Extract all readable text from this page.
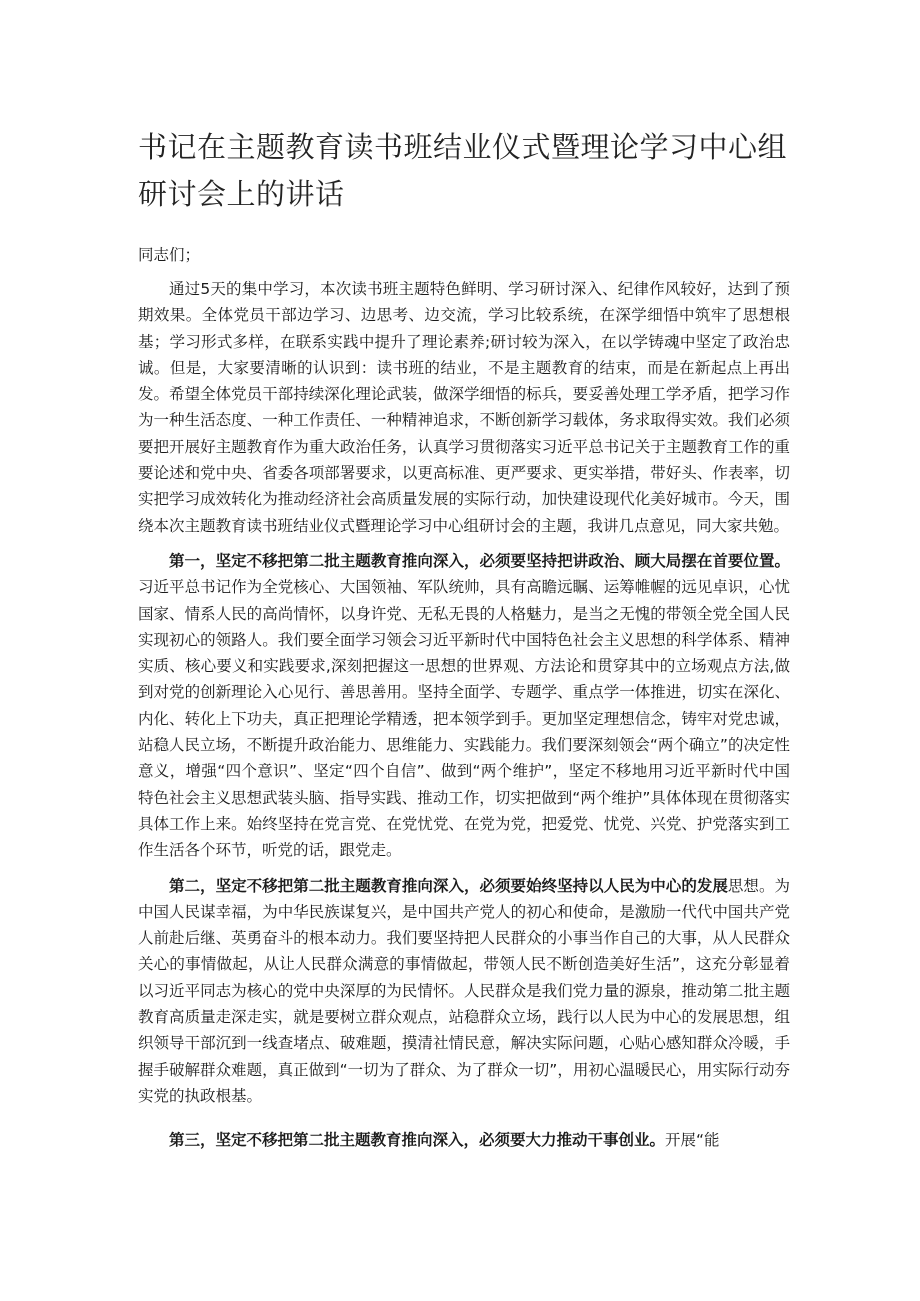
书记在主题教育读书班结业仪式暨理论学习中心组
研讨会上的讲话

同志们；

通过5天的集中学习，本次读书班主题特色鲜明、学习研讨深入、纪律作风较好，达到了预期效果。全体党员干部边学习、边思考、边交流，学习比较系统，在深学细悟中筑牢了思想根基；学习形式多样，在联系实践中提升了理论素养;研讨较为深入，在以学铸魂中坚定了政治忠诚。但是，大家要清晰的认识到：读书班的结业，不是主题教育的结束，而是在新起点上再出发。希望全体党员干部持续深化理论武装，做深学细悟的标兵，要妥善处理工学矛盾，把学习作为一种生活态度、一种工作责任、一种精神追求，不断创新学习载体，务求取得实效。我们必须要把开展好主题教育作为重大政治任务，认真学习贯彻落实习近平总书记关于主题教育工作的重要论述和党中央、省委各项部署要求，以更高标准、更严要求、更实举措，带好头、作表率，切实把学习成效转化为推动经济社会高质量发展的实际行动，加快建设现代化美好城市。今天，围绕本次主题教育读书班结业仪式暨理论学习中心组研讨会的主题，我讲几点意见，同大家共勉。

第一，坚定不移把第二批主题教育推向深入，必须要坚持把讲政治、顾大局摆在首要位置。习近平总书记作为全党核心、大国领袖、军队统帅，具有高瞻远瞩、运筹帷幄的远见卓识，心忧国家、情系人民的高尚情怀，以身许党、无私无畏的人格魅力，是当之无愧的带领全党全国人民实现初心的领路人。我们要全面学习领会习近平新时代中国特色社会主义思想的科学体系、精神实质、核心要义和实践要求,深刻把握这一思想的世界观、方法论和贯穿其中的立场观点方法,做到对党的创新理论入心见行、善思善用。坚持全面学、专题学、重点学一体推进，切实在深化、内化、转化上下功夫，真正把理论学精透，把本领学到手。更加坚定理想信念，铸牢对党忠诚，站稳人民立场，不断提升政治能力、思维能力、实践能力。我们要深刻领会“两个确立”的决定性意义，增强“四个意识”、坚定“四个自信”、做到“两个维护”，坚定不移地用习近平新时代中国特色社会主义思想武装头脑、指导实践、推动工作，切实把做到“两个维护”具体体现在贯彻落实具体工作上来。始终坚持在党言党、在党忧党、在党为党，把爱党、忧党、兴党、护党落实到工作生活各个环节，听党的话，跟党走。

第二，坚定不移把第二批主题教育推向深入，必须要始终坚持以人民为中心的发展思想。为中国人民谋幸福，为中华民族谋复兴，是中国共产党人的初心和使命，是激励一代代中国共产党人前赴后继、英勇奋斗的根本动力。我们要坚持把人民群众的小事当作自己的大事，从人民群众关心的事情做起，从让人民群众满意的事情做起，带领人民不断创造美好生活”，这充分彰显着以习近平同志为核心的党中央深厚的为民情怀。人民群众是我们党力量的源泉，推动第二批主题教育高质量走深走实，就是要树立群众观点，站稳群众立场，践行以人民为中心的发展思想，组织领导干部沉到一线查堵点、破难题，摸清社情民意，解决实际问题，心贴心感知群众冷暖，手握手破解群众难题，真正做到“一切为了群众、为了群众一切”，用初心温暖民心，用实际行动夯实党的执政根基。

第三，坚定不移把第二批主题教育推向深入，必须要大力推动干事创业。开展“能
